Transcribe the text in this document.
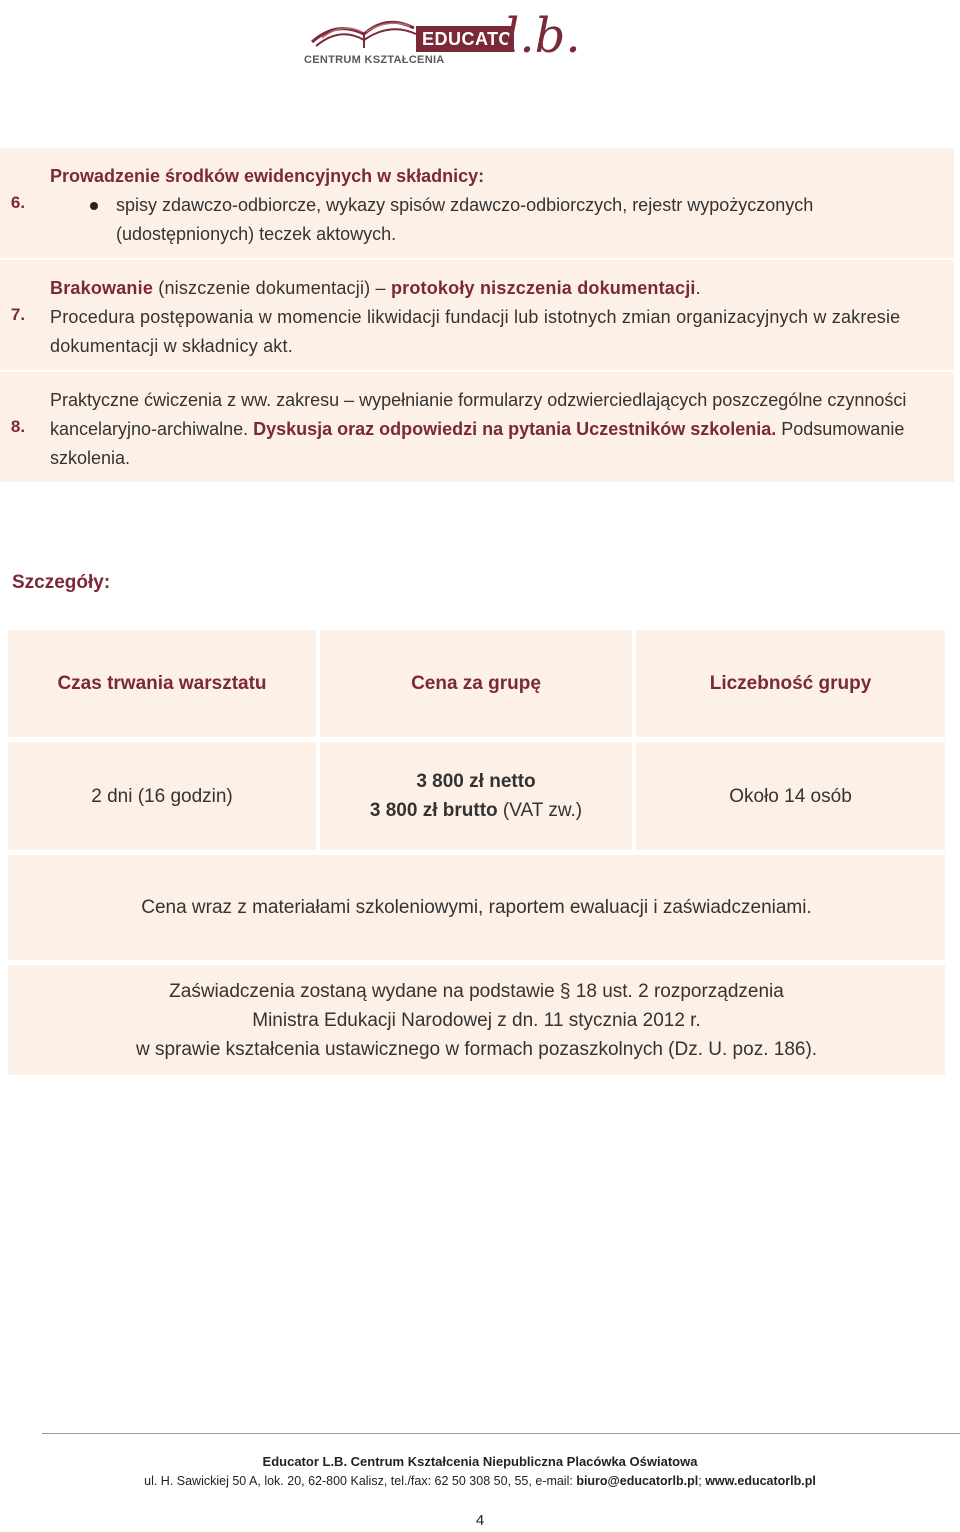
EDUCATOR
l.b.
CENTRUM KSZTAŁCENIA
6.
Prowadzenie środków ewidencyjnych w składnicy:
spisy zdawczo-odbiorcze, wykazy spisów zdawczo-odbiorczych, rejestr wypożyczonych (udostępnionych) teczek aktowych.
7.
Brakowanie (niszczenie dokumentacji) – protokoły niszczenia dokumentacji.
Procedura postępowania w momencie likwidacji fundacji lub istotnych zmian organizacyjnych w zakresie dokumentacji w składnicy akt.
8.
Praktyczne ćwiczenia z ww. zakresu – wypełnianie formularzy odzwierciedlających poszczególne czynności kancelaryjno-archiwalne. Dyskusja oraz odpowiedzi na pytania Uczestników szkolenia. Podsumowanie szkolenia.
Szczegóły:
Czas trwania warsztatu	Cena za grupę	Liczebność grupy
2 dni (16 godzin)
3 800 zł netto
3 800 zł brutto (VAT zw.)
Około 14 osób
Cena wraz z materiałami szkoleniowymi, raportem ewaluacji i zaświadczeniami.
Zaświadczenia zostaną wydane na podstawie § 18 ust. 2 rozporządzenia
Ministra Edukacji Narodowej z dn. 11 stycznia 2012 r.
w sprawie kształcenia ustawicznego w formach pozaszkolnych (Dz. U. poz. 186).
Educator L.B. Centrum Kształcenia Niepubliczna Placówka Oświatowa
ul. H. Sawickiej 50 A, lok. 20, 62-800 Kalisz, tel./fax: 62 50 308 50, 55, e-mail: biuro@educatorlb.pl; www.educatorlb.pl
4
